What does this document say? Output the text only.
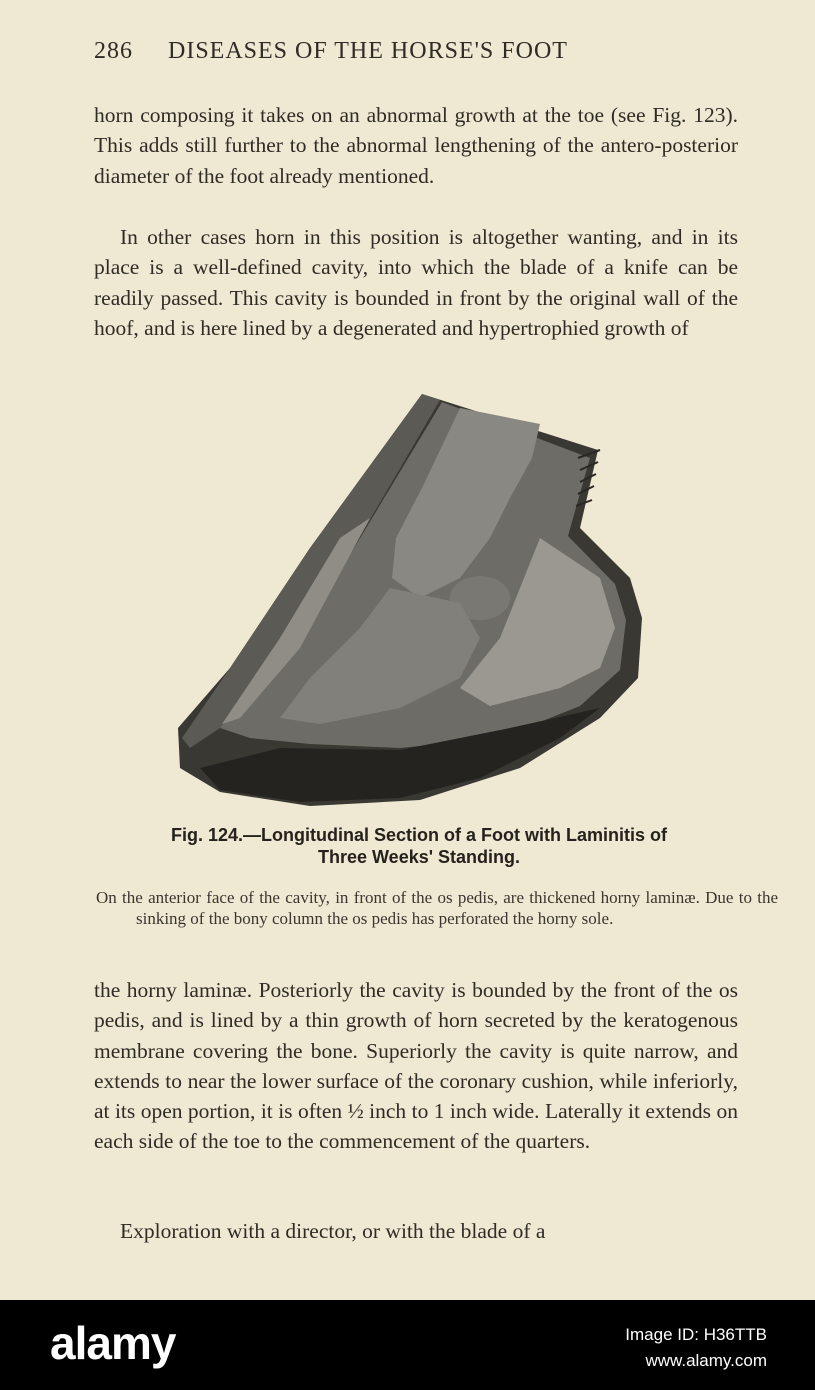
286 DISEASES OF THE HORSE'S FOOT
horn composing it takes on an abnormal growth at the toe (see Fig. 123). This adds still further to the abnormal lengthening of the antero-posterior diameter of the foot already mentioned.
In other cases horn in this position is altogether wanting, and in its place is a well-defined cavity, into which the blade of a knife can be readily passed. This cavity is bounded in front by the original wall of the hoof, and is here lined by a degenerated and hypertrophied growth of
Fig. 124.—Longitudinal Section of a Foot with Laminitis of
Three Weeks' Standing.
On the anterior face of the cavity, in front of the os pedis, are thickened horny laminæ. Due to the sinking of the bony column the os pedis has perforated the horny sole.
the horny laminæ. Posteriorly the cavity is bounded by the front of the os pedis, and is lined by a thin growth of horn secreted by the keratogenous membrane covering the bone. Superiorly the cavity is quite narrow, and extends to near the lower surface of the coronary cushion, while inferiorly, at its open portion, it is often ½ inch to 1 inch wide. Laterally it extends on each side of the toe to the commencement of the quarters.
Exploration with a director, or with the blade of a
alamy	Image ID: H36TTB
www.alamy.com
